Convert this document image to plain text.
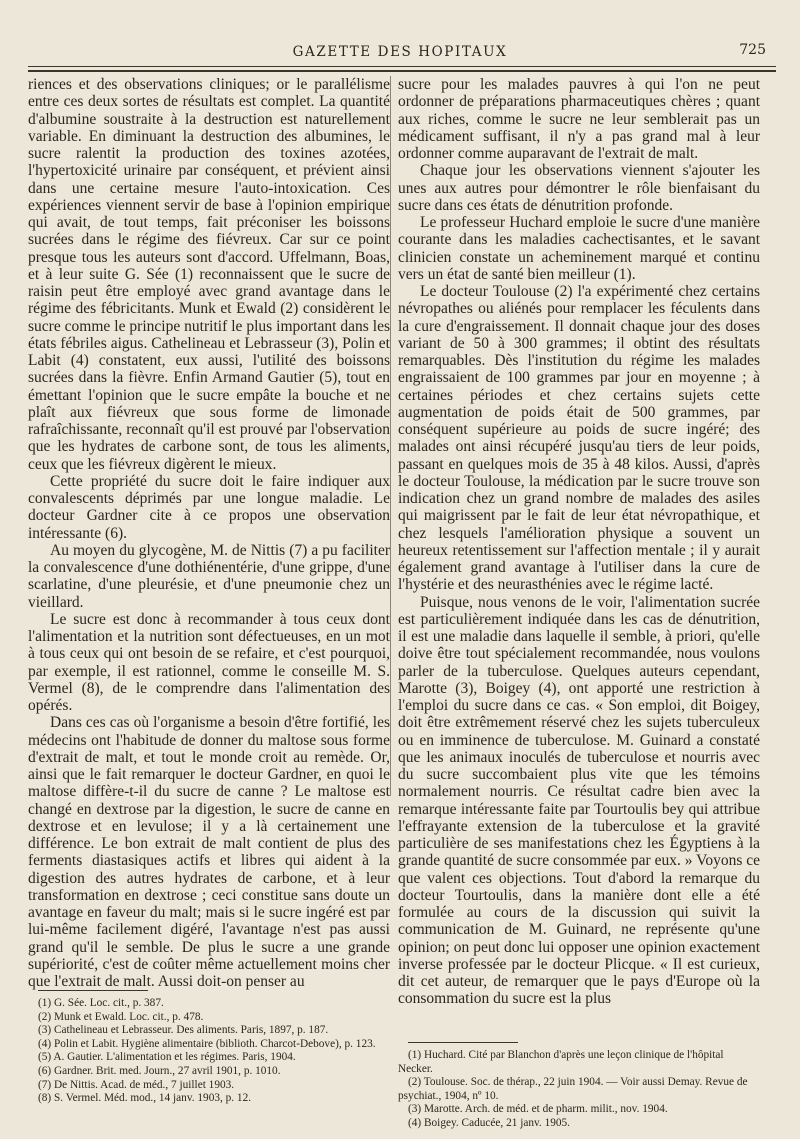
GAZETTE DES HOPITAUX	725

riences et des observations cliniques; or le parallélisme entre ces deux sortes de résultats est complet. La quantité d'albumine soustraite à la destruction est naturellement variable. En diminuant la destruction des albumines, le sucre ralentit la production des toxines azotées, l'hypertoxicité urinaire par conséquent, et prévient ainsi dans une certaine mesure l'auto-intoxication. Ces expériences viennent servir de base à l'opinion empirique qui avait, de tout temps, fait préconiser les boissons sucrées dans le régime des fiévreux. Car sur ce point presque tous les auteurs sont d'accord. Uffelmann, Boas, et à leur suite G. Sée (1) reconnaissent que le sucre de raisin peut être employé avec grand avantage dans le régime des fébricitants. Munk et Ewald (2) considèrent le sucre comme le principe nutritif le plus important dans les états fébriles aigus. Cathelineau et Lebrasseur (3), Polin et Labit (4) constatent, eux aussi, l'utilité des boissons sucrées dans la fièvre. Enfin Armand Gautier (5), tout en émettant l'opinion que le sucre empâte la bouche et ne plaît aux fiévreux que sous forme de limonade rafraîchissante, reconnaît qu'il est prouvé par l'observation que les hydrates de carbone sont, de tous les aliments, ceux que les fiévreux digèrent le mieux.

Cette propriété du sucre doit le faire indiquer aux convalescents déprimés par une longue maladie. Le docteur Gardner cite à ce propos une observation intéressante (6).

Au moyen du glycogène, M. de Nittis (7) a pu faciliter la convalescence d'une dothiénentérie, d'une grippe, d'une scarlatine, d'une pleurésie, et d'une pneumonie chez un vieillard.

Le sucre est donc à recommander à tous ceux dont l'alimentation et la nutrition sont défectueuses, en un mot à tous ceux qui ont besoin de se refaire, et c'est pourquoi, par exemple, il est rationnel, comme le conseille M. S. Vermel (8), de le comprendre dans l'alimentation des opérés.

Dans ces cas où l'organisme a besoin d'être fortifié, les médecins ont l'habitude de donner du maltose sous forme d'extrait de malt, et tout le monde croit au remède. Or, ainsi que le fait remarquer le docteur Gardner, en quoi le maltose diffère-t-il du sucre de canne ? Le maltose est changé en dextrose par la digestion, le sucre de canne en dextrose et en levulose; il y a là certainement une différence. Le bon extrait de malt contient de plus des ferments diastasiques actifs et libres qui aident à la digestion des autres hydrates de carbone, et à leur transformation en dextrose ; ceci constitue sans doute un avantage en faveur du malt; mais si le sucre ingéré est par lui-même facilement digéré, l'avantage n'est pas aussi grand qu'il le semble. De plus le sucre a une grande supériorité, c'est de coûter même actuellement moins cher que l'extrait de malt. Aussi doit-on penser au

sucre pour les malades pauvres à qui l'on ne peut ordonner de préparations pharmaceutiques chères ; quant aux riches, comme le sucre ne leur semblerait pas un médicament suffisant, il n'y a pas grand mal à leur ordonner comme auparavant de l'extrait de malt.

Chaque jour les observations viennent s'ajouter les unes aux autres pour démontrer le rôle bienfaisant du sucre dans ces états de dénutrition profonde.

Le professeur Huchard emploie le sucre d'une manière courante dans les maladies cachectisantes, et le savant clinicien constate un acheminement marqué et continu vers un état de santé bien meilleur (1).

Le docteur Toulouse (2) l'a expérimenté chez certains névropathes ou aliénés pour remplacer les féculents dans la cure d'engraissement. Il donnait chaque jour des doses variant de 50 à 300 grammes; il obtint des résultats remarquables. Dès l'institution du régime les malades engraissaient de 100 grammes par jour en moyenne ; à certaines périodes et chez certains sujets cette augmentation de poids était de 500 grammes, par conséquent supérieure au poids de sucre ingéré; des malades ont ainsi récupéré jusqu'au tiers de leur poids, passant en quelques mois de 35 à 48 kilos. Aussi, d'après le docteur Toulouse, la médication par le sucre trouve son indication chez un grand nombre de malades des asiles qui maigrissent par le fait de leur état névropathique, et chez lesquels l'amélioration physique a souvent un heureux retentissement sur l'affection mentale ; il y aurait également grand avantage à l'utiliser dans la cure de l'hystérie et des neurasthénies avec le régime lacté.

Puisque, nous venons de le voir, l'alimentation sucrée est particulièrement indiquée dans les cas de dénutrition, il est une maladie dans laquelle il semble, à priori, qu'elle doive être tout spécialement recommandée, nous voulons parler de la tuberculose. Quelques auteurs cependant, Marotte (3), Boigey (4), ont apporté une restriction à l'emploi du sucre dans ce cas. « Son emploi, dit Boigey, doit être extrêmement réservé chez les sujets tuberculeux ou en imminence de tuberculose. M. Guinard a constaté que les animaux inoculés de tuberculose et nourris avec du sucre succombaient plus vite que les témoins normalement nourris. Ce résultat cadre bien avec la remarque intéressante faite par Tourtoulis bey qui attribue l'effrayante extension de la tuberculose et la gravité particulière de ses manifestations chez les Égyptiens à la grande quantité de sucre consommée par eux. » Voyons ce que valent ces objections. Tout d'abord la remarque du docteur Tourtoulis, dans la manière dont elle a été formulée au cours de la discussion qui suivit la communication de M. Guinard, ne représente qu'une opinion; on peut donc lui opposer une opinion exactement inverse professée par le docteur Plicque. « Il est curieux, dit cet auteur, de remarquer que le pays d'Europe où la consommation du sucre est la plus

(1) G. Sée. Loc. cit., p. 387.
(2) Munk et Ewald. Loc. cit., p. 478.
(3) Cathelineau et Lebrasseur. Des aliments. Paris, 1897, p. 187.
(4) Polin et Labit. Hygiène alimentaire (biblioth. Charcot-Debove), p. 123.
(5) A. Gautier. L'alimentation et les régimes. Paris, 1904.
(6) Gardner. Brit. med. Journ., 27 avril 1901, p. 1010.
(7) De Nittis. Acad. de méd., 7 juillet 1903.
(8) S. Vermel. Méd. mod., 14 janv. 1903, p. 12.
(1) Huchard. Cité par Blanchon d'après une leçon clinique de l'hôpital Necker.
(2) Toulouse. Soc. de thérap., 22 juin 1904. — Voir aussi Demay. Revue de psychiat., 1904, nº 10.
(3) Marotte. Arch. de méd. et de pharm. milit., nov. 1904.
(4) Boigey. Caducée, 21 janv. 1905.
